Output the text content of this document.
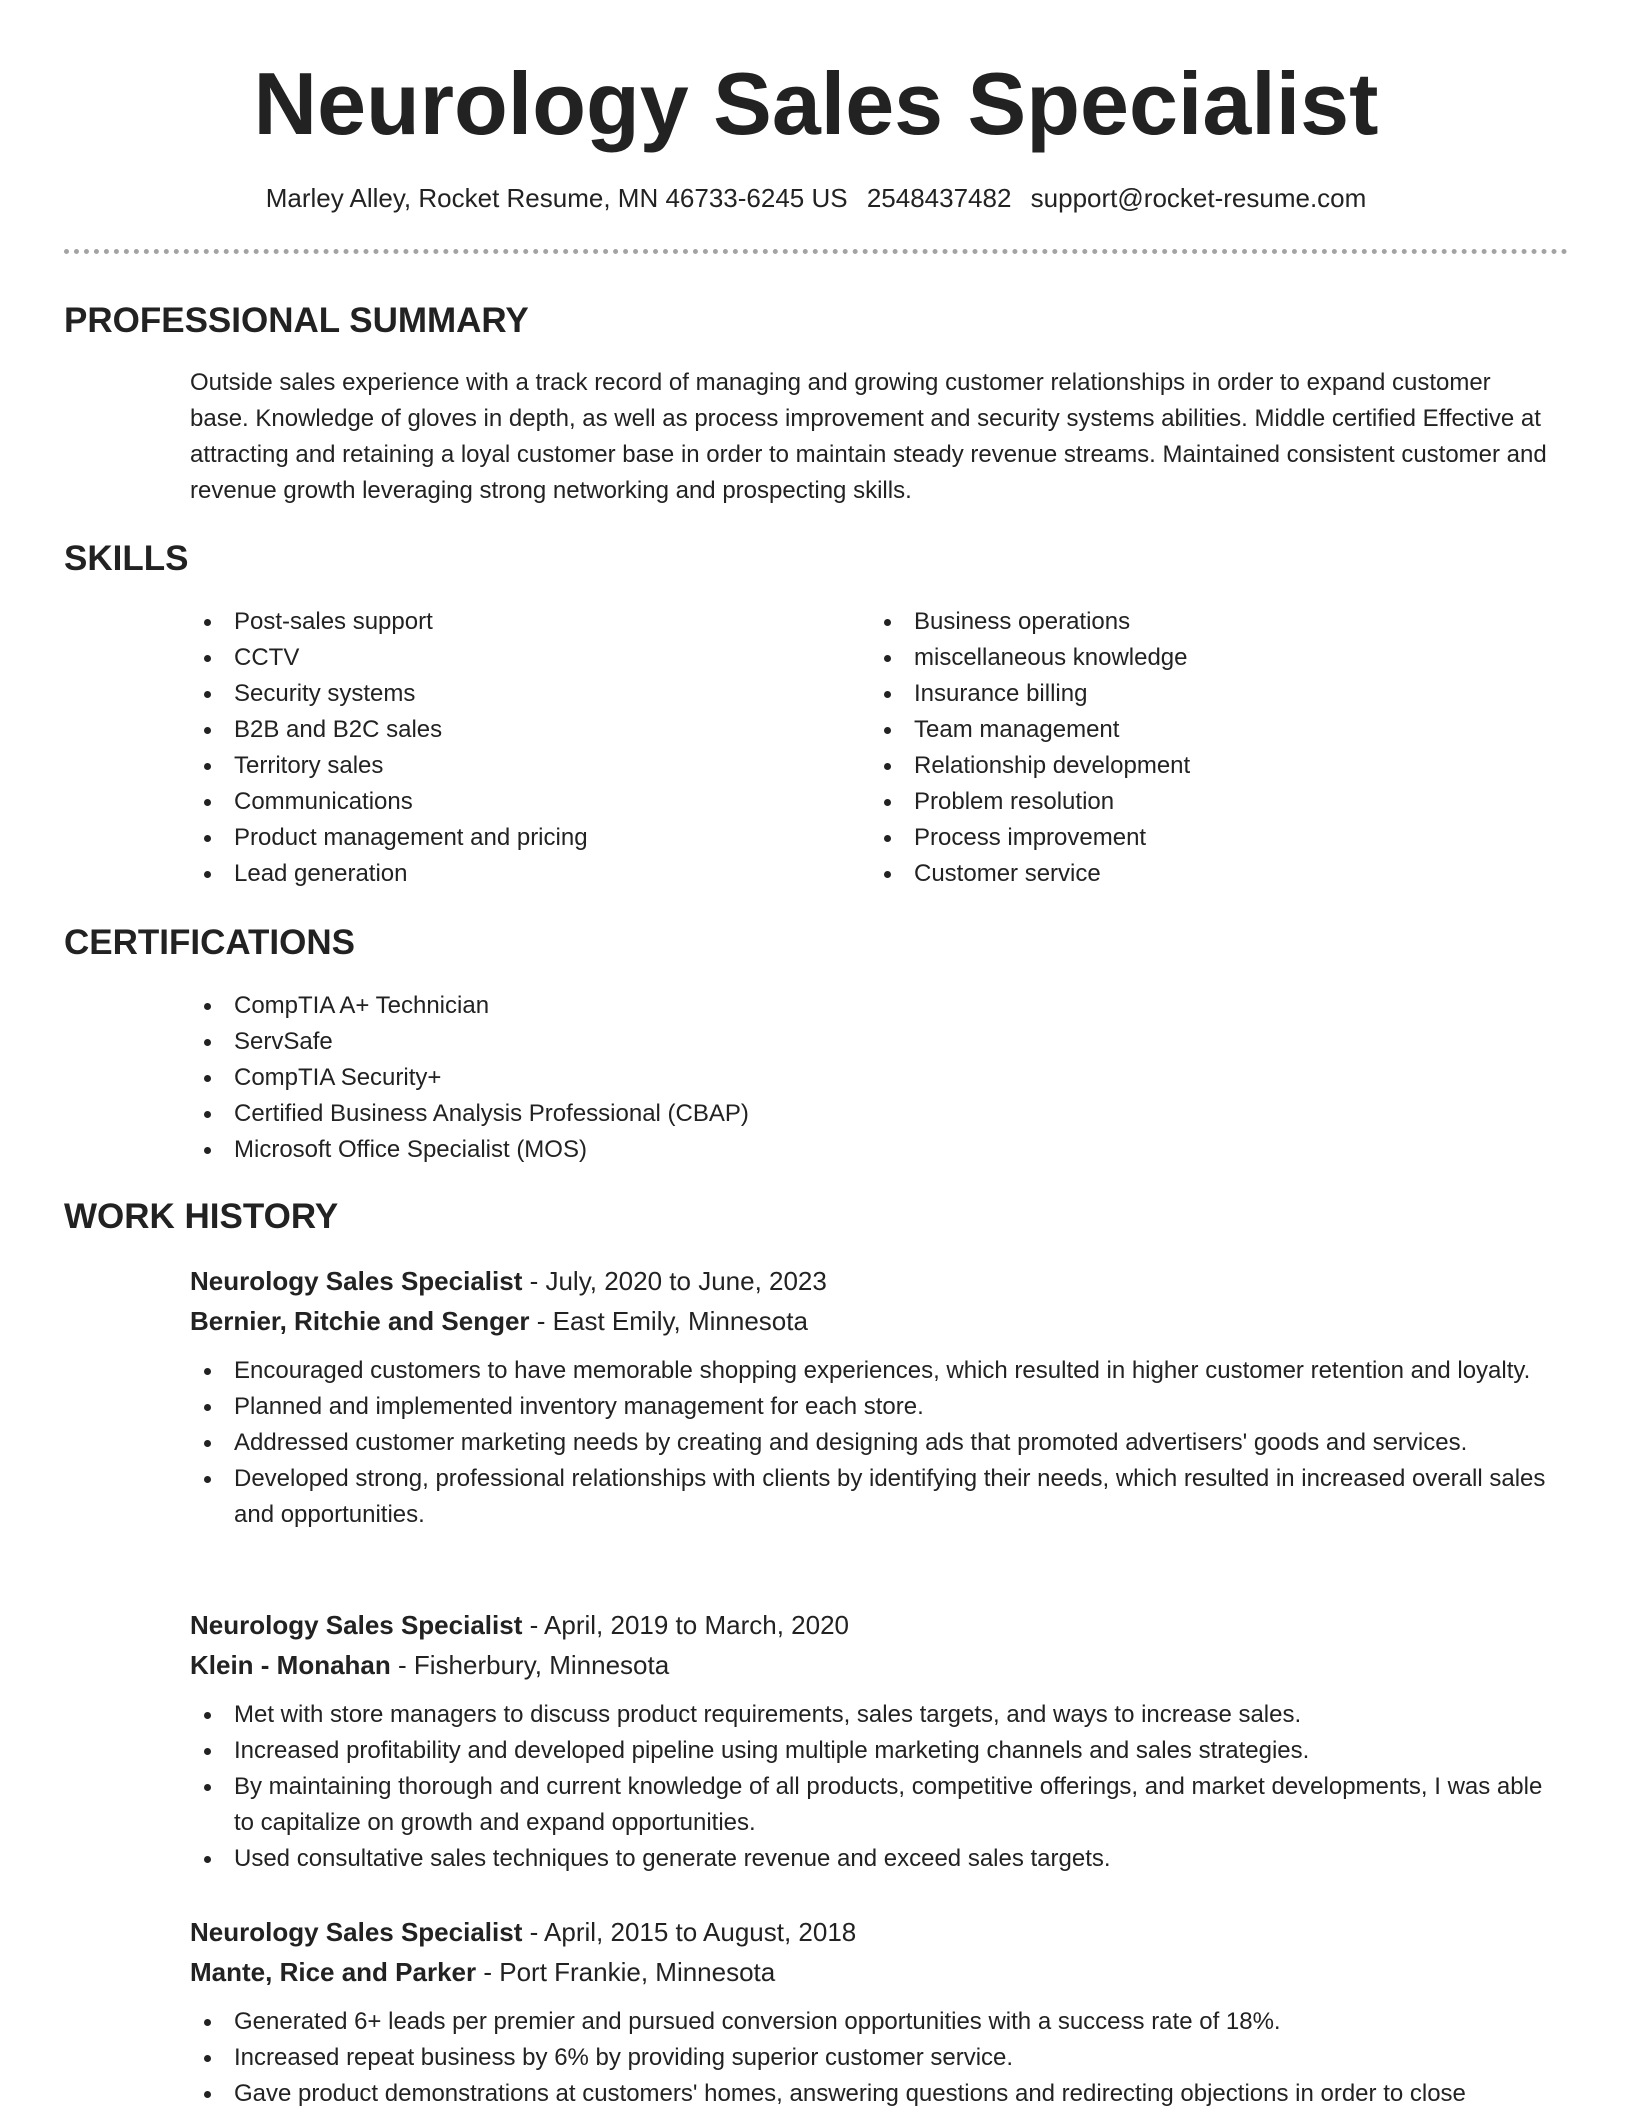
Neurology Sales Specialist
Marley Alley, Rocket Resume, MN 46733-6245 US 2548437482 support@rocket-resume.com
PROFESSIONAL SUMMARY

Outside sales experience with a track record of managing and growing customer relationships in order to expand customer base. Knowledge of gloves in depth, as well as process improvement and security systems abilities. Middle certified Effective at attracting and retaining a loyal customer base in order to maintain steady revenue streams. Maintained consistent customer and revenue growth leveraging strong networking and prospecting skills.

SKILLS
Post-sales support
CCTV
Security systems
B2B and B2C sales
Territory sales
Communications
Product management and pricing
Lead generation
Business operations
miscellaneous knowledge
Insurance billing
Team management
Relationship development
Problem resolution
Process improvement
Customer service
CERTIFICATIONS
CompTIA A+ Technician
ServSafe
CompTIA Security+
Certified Business Analysis Professional (CBAP)
Microsoft Office Specialist (MOS)
WORK HISTORY

Neurology Sales Specialist - July, 2020 to June, 2023

Bernier, Ritchie and Senger - East Emily, Minnesota

Encouraged customers to have memorable shopping experiences, which resulted in higher customer retention and loyalty.
Planned and implemented inventory management for each store.
Addressed customer marketing needs by creating and designing ads that promoted advertisers' goods and services.
Developed strong, professional relationships with clients by identifying their needs, which resulted in increased overall sales and opportunities.

Neurology Sales Specialist - April, 2019 to March, 2020

Klein - Monahan - Fisherbury, Minnesota

Met with store managers to discuss product requirements, sales targets, and ways to increase sales.
Increased profitability and developed pipeline using multiple marketing channels and sales strategies.
By maintaining thorough and current knowledge of all products, competitive offerings, and market developments, I was able to capitalize on growth and expand opportunities.
Used consultative sales techniques to generate revenue and exceed sales targets.

Neurology Sales Specialist - April, 2015 to August, 2018

Mante, Rice and Parker - Port Frankie, Minnesota

Generated 6+ leads per premier and pursued conversion opportunities with a success rate of 18%.
Increased repeat business by 6% by providing superior customer service.
Gave product demonstrations at customers' homes, answering questions and redirecting objections in order to close
